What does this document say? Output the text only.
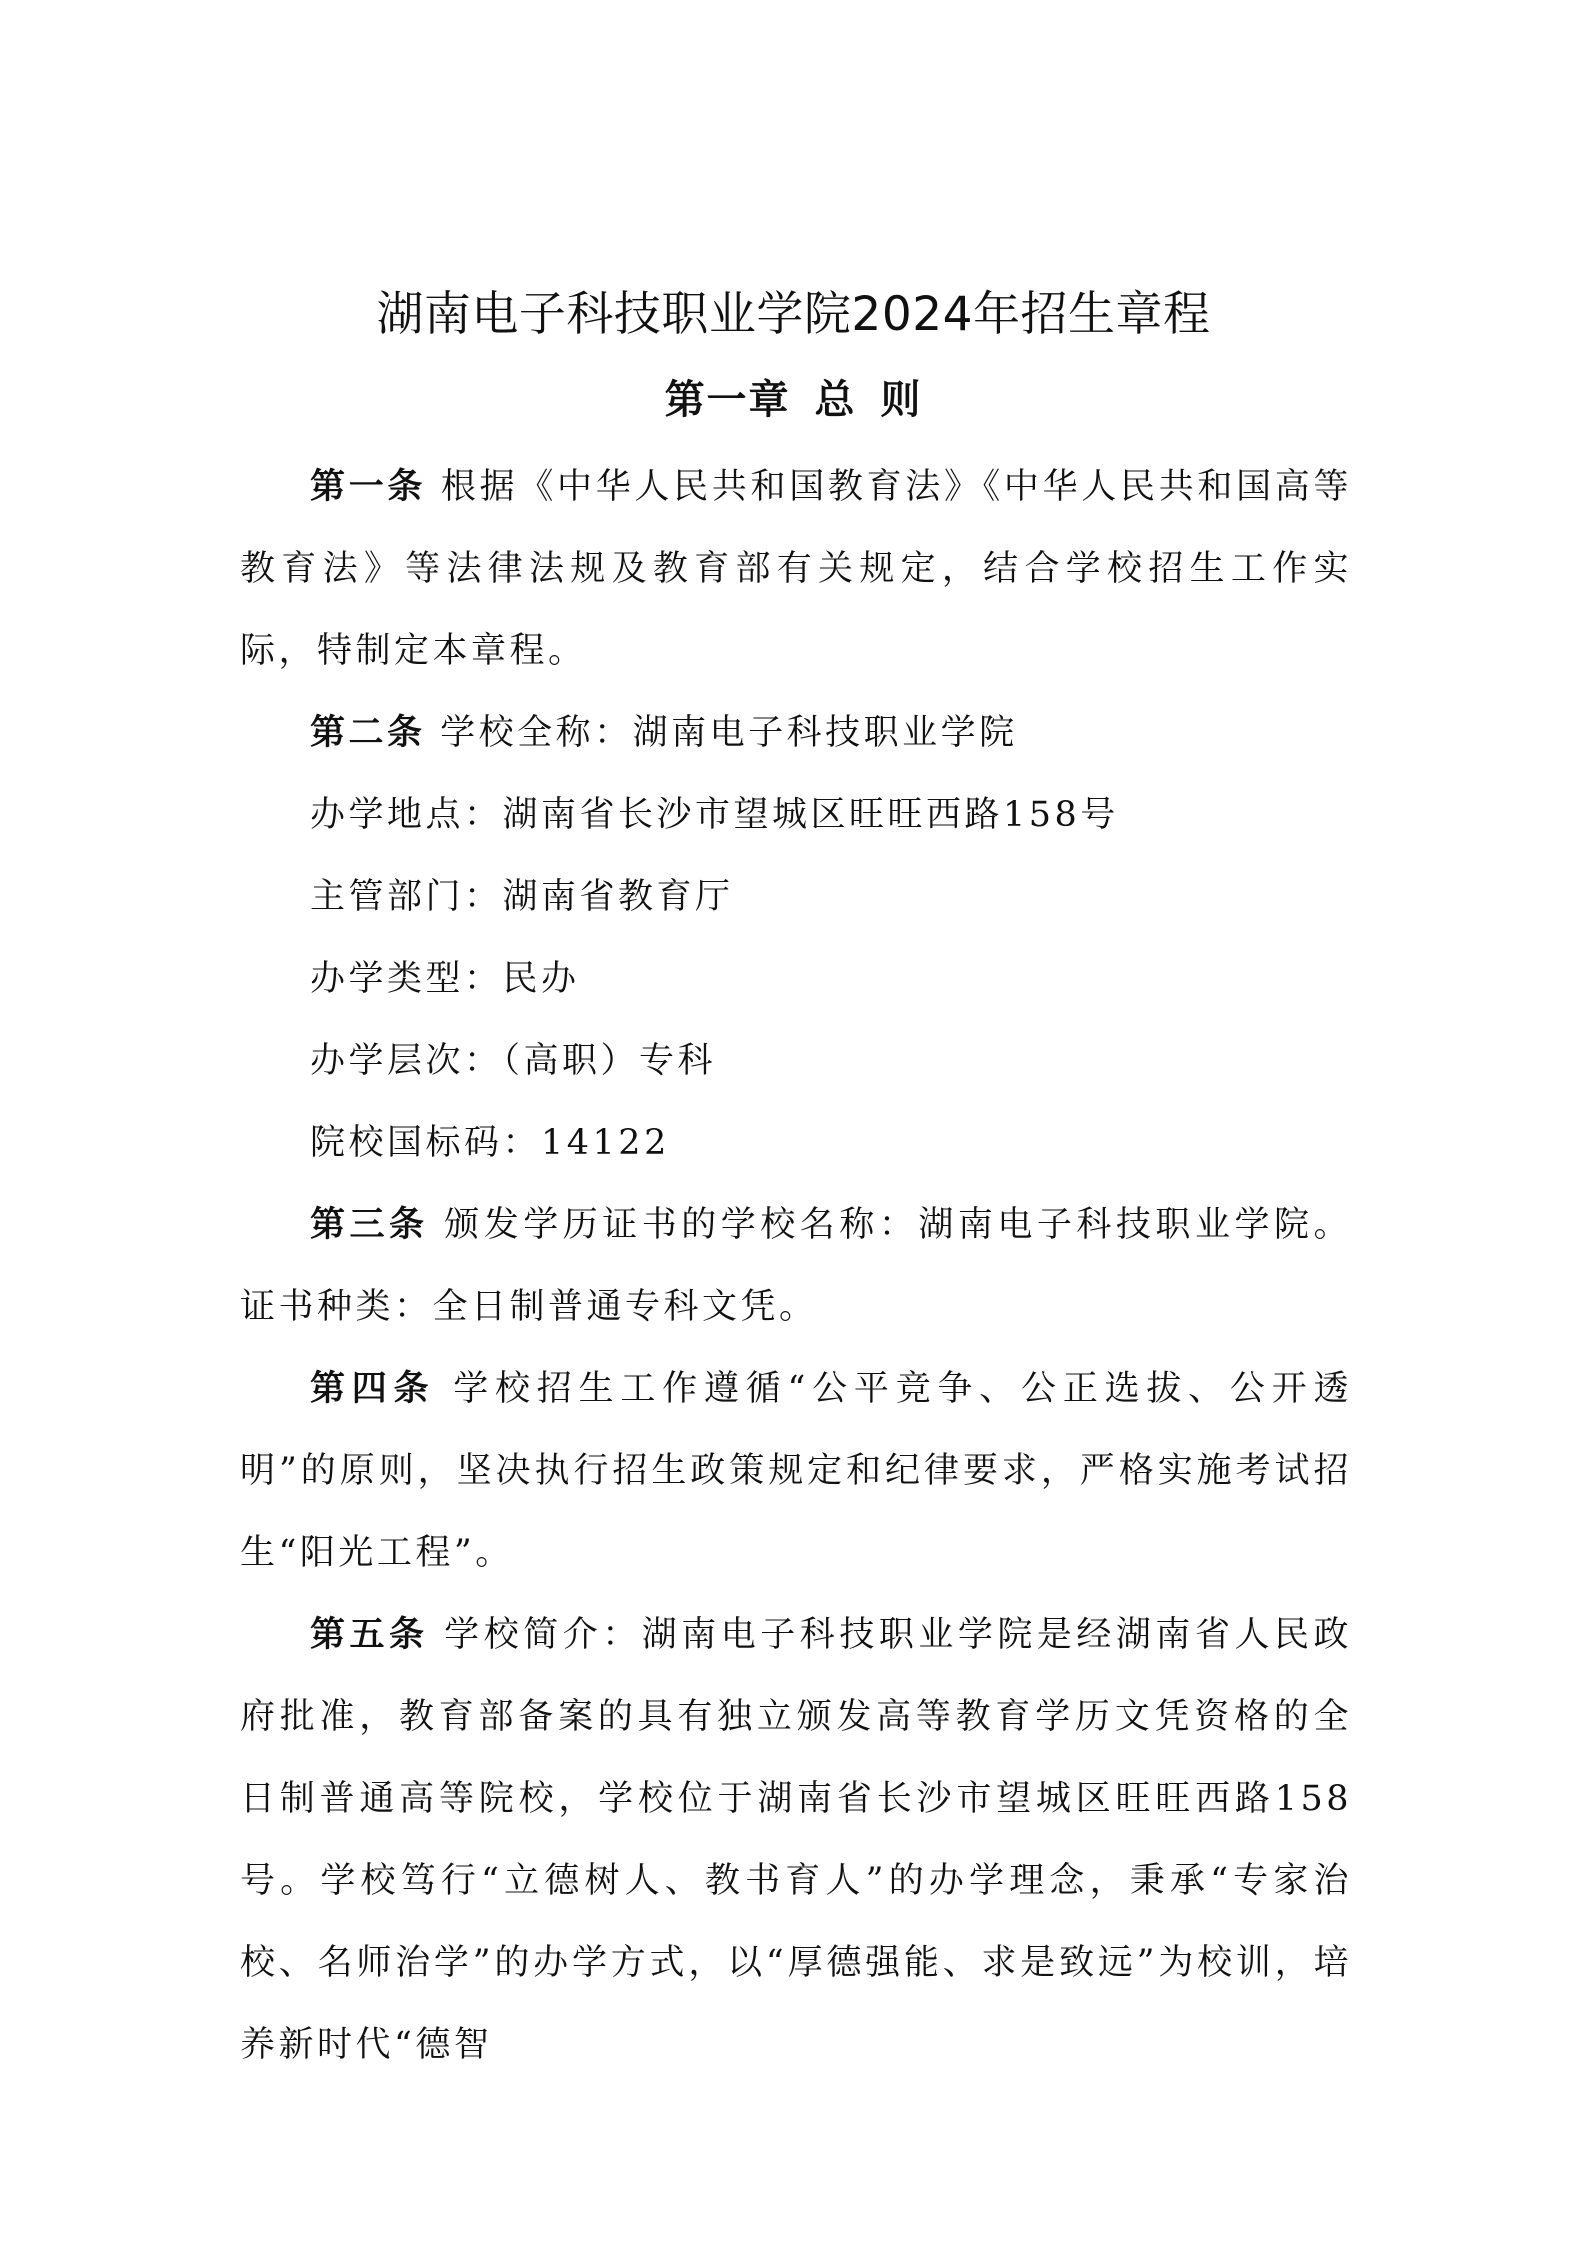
湖南电子科技职业学院2024年招生章程
第一章 总 则

第一条 根据《中华人民共和国教育法》《中华人民共和国高等教育法》等法律法规及教育部有关规定，结合学校招生工作实际，特制定本章程。

第二条 学校全称：湖南电子科技职业学院

办学地点：湖南省长沙市望城区旺旺西路158号

主管部门：湖南省教育厅

办学类型：民办

办学层次：（高职）专科

院校国标码：14122

第三条 颁发学历证书的学校名称：湖南电子科技职业学院。证书种类：全日制普通专科文凭。

第四条 学校招生工作遵循“公平竞争、公正选拔、公开透明”的原则，坚决执行招生政策规定和纪律要求，严格实施考试招生“阳光工程”。

第五条 学校简介：湖南电子科技职业学院是经湖南省人民政府批准，教育部备案的具有独立颁发高等教育学历文凭资格的全日制普通高等院校，学校位于湖南省长沙市望城区旺旺西路158号。学校笃行“立德树人、教书育人”的办学理念，秉承“专家治校、名师治学”的办学方式，以“厚德强能、求是致远”为校训，培养新时代“德智
